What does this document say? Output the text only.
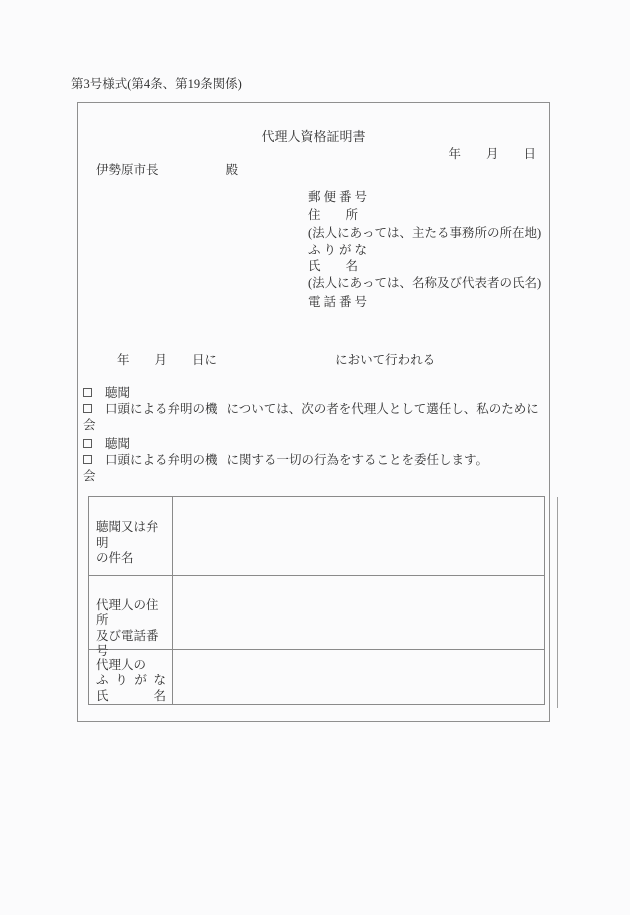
第3号様式(第4条、第19条関係)
代理人資格証明書
年　　月　　日
伊勢原市長	殿
郵便番号
住　　所
(法人にあっては、主たる事務所の所在地)
ふりがな
氏　　名
(法人にあっては、名称及び代表者の氏名)
電話番号
年　　月　　日に	において行われる
聴聞
口頭による弁明の機 については、次の者を代理人として選任し、私のために
会
聴聞
口頭による弁明の機 に関する一切の行為をすることを委任します。
会
聴聞又は弁明
の件名
代理人の住所
及び電話番号
代理人の
ふりがな
氏名
